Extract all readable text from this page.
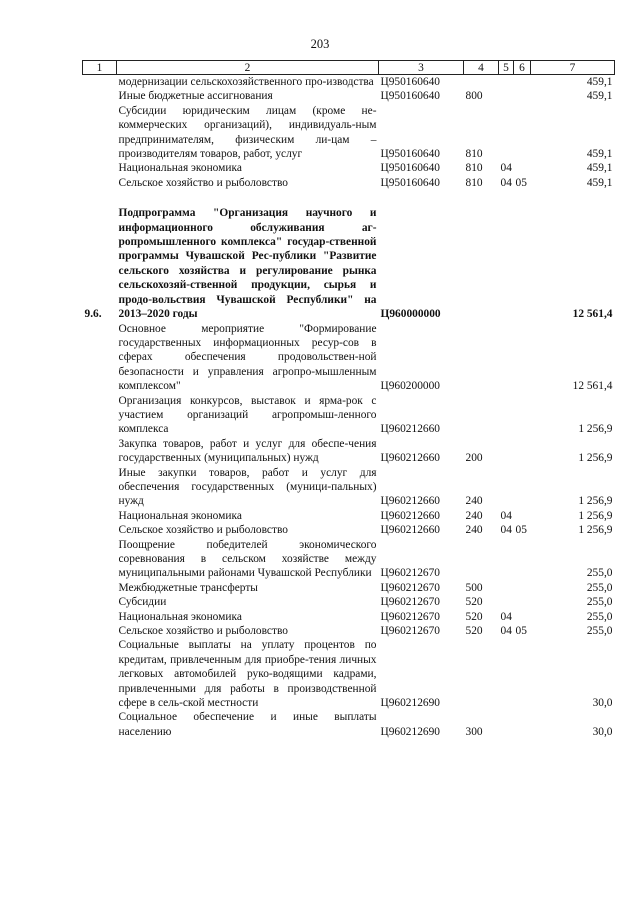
203
1	2	3	4	5	6	7
	модернизации сельскохозяйственного про-изводства	Ц950160640				459,1
	Иные бюджетные ассигнования	Ц950160640	800			459,1
	Субсидии юридическим лицам (кроме не-коммерческих организаций), индивидуаль-ным предпринимателям, физическим ли-цам – производителям товаров, работ, услуг	Ц950160640	810			459,1
	Национальная экономика	Ц950160640	810	04		459,1
	Сельское хозяйство и рыболовство	Ц950160640	810	04	05	459,1

9.6.	Подпрограмма "Организация научного и информационного обслуживания аг-ропромышленного комплекса" государ-ственной программы Чувашской Рес-публики "Развитие сельского хозяйства и регулирование рынка сельскохозяй-ственной продукции, сырья и продо-вольствия Чувашской Республики" на 2013–2020 годы	Ц960000000				12 561,4
	Основное мероприятие "Формирование государственных информационных ресур-сов в сферах обеспечения продовольствен-ной безопасности и управления агропро-мышленным комплексом"	Ц960200000				12 561,4
	Организация конкурсов, выставок и ярма-рок с участием организаций агропромыш-ленного комплекса	Ц960212660				1 256,9
	Закупка товаров, работ и услуг для обеспе-чения государственных (муниципальных) нужд	Ц960212660	200			1 256,9
	Иные закупки товаров, работ и услуг для обеспечения государственных (муници-пальных) нужд	Ц960212660	240			1 256,9
	Национальная экономика	Ц960212660	240	04		1 256,9
	Сельское хозяйство и рыболовство	Ц960212660	240	04	05	1 256,9
	Поощрение победителей экономического соревнования в сельском хозяйстве между муниципальными районами Чувашской Республики	Ц960212670				255,0
	Межбюджетные трансферты	Ц960212670	500			255,0
	Субсидии	Ц960212670	520			255,0
	Национальная экономика	Ц960212670	520	04		255,0
	Сельское хозяйство и рыболовство	Ц960212670	520	04	05	255,0
	Социальные выплаты на уплату процентов по кредитам, привлеченным для приобре-тения личных легковых автомобилей руко-водящими кадрами, привлеченными для работы в производственной сфере в сель-ской местности	Ц960212690				30,0
	Социальное обеспечение и иные выплаты населению	Ц960212690	300			30,0
